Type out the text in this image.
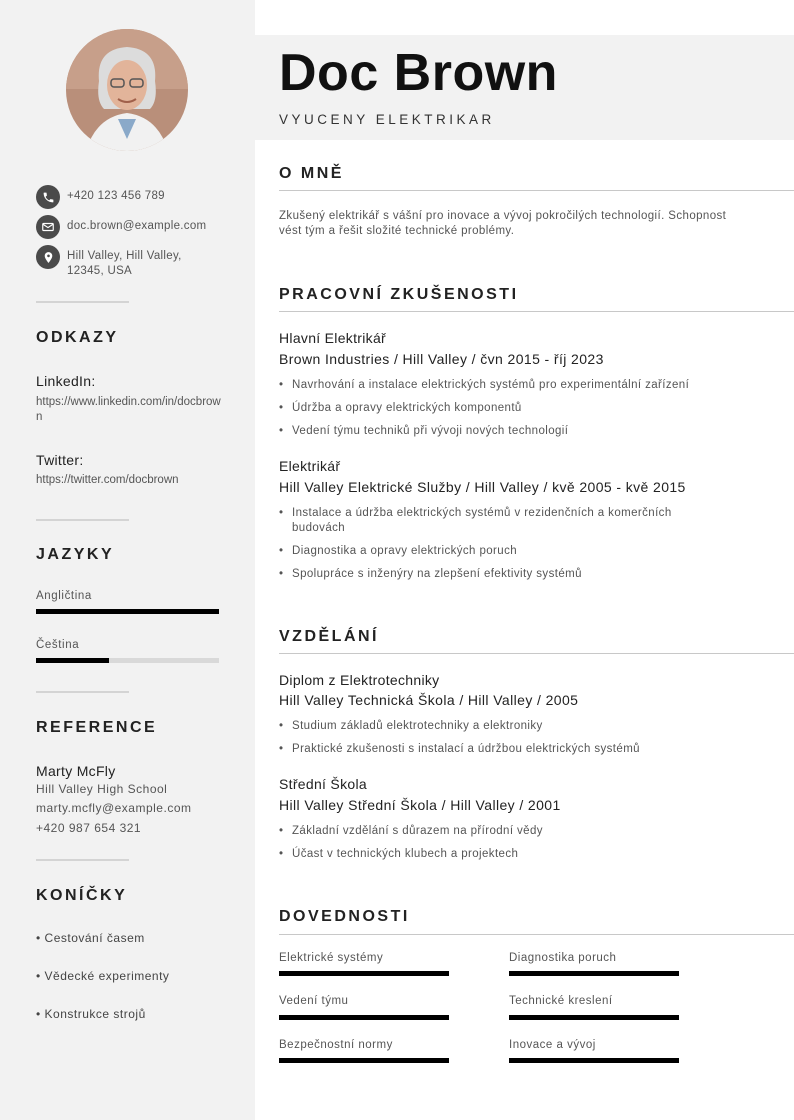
+420 123 456 789
doc.brown@example.com
Hill Valley, Hill Valley, 12345, USA
ODKAZY
LinkedIn:
https://www.linkedin.com/in/docbrown
Twitter:
https://twitter.com/docbrown
JAZYKY
Angličtina
Čeština
REFERENCE
Marty McFly
Hill Valley High School
marty.mcfly@example.com
+420 987 654 321
KONÍČKY
• Cestování časem
• Vědecké experimenty
• Konstrukce strojů
Doc Brown
VYUCENY ELEKTRIKAR
O MNĚ
Zkušený elektrikář s vášní pro inovace a vývoj pokročilých technologií. Schopnost vést tým a řešit složité technické problémy.
PRACOVNÍ ZKUŠENOSTI
Hlavní Elektrikář
Brown Industries / Hill Valley / čvn 2015 - říj 2023
• Navrhování a instalace elektrických systémů pro experimentální zařízení
• Údržba a opravy elektrických komponentů
• Vedení týmu techniků při vývoji nových technologií
Elektrikář
Hill Valley Elektrické Služby / Hill Valley / kvě 2005 - kvě 2015
• Instalace a údržba elektrických systémů v rezidenčních a komerčních budovách
• Diagnostika a opravy elektrických poruch
• Spolupráce s inženýry na zlepšení efektivity systémů
VZDĚLÁNÍ
Diplom z Elektrotechniky
Hill Valley Technická Škola / Hill Valley / 2005
• Studium základů elektrotechniky a elektroniky
• Praktické zkušenosti s instalací a údržbou elektrických systémů
Střední Škola
Hill Valley Střední Škola / Hill Valley / 2001
• Základní vzdělání s důrazem na přírodní vědy
• Účast v technických klubech a projektech
DOVEDNOSTI
Elektrické systémy	Diagnostika poruch
Vedení týmu	Technické kreslení
Bezpečnostní normy	Inovace a vývoj
